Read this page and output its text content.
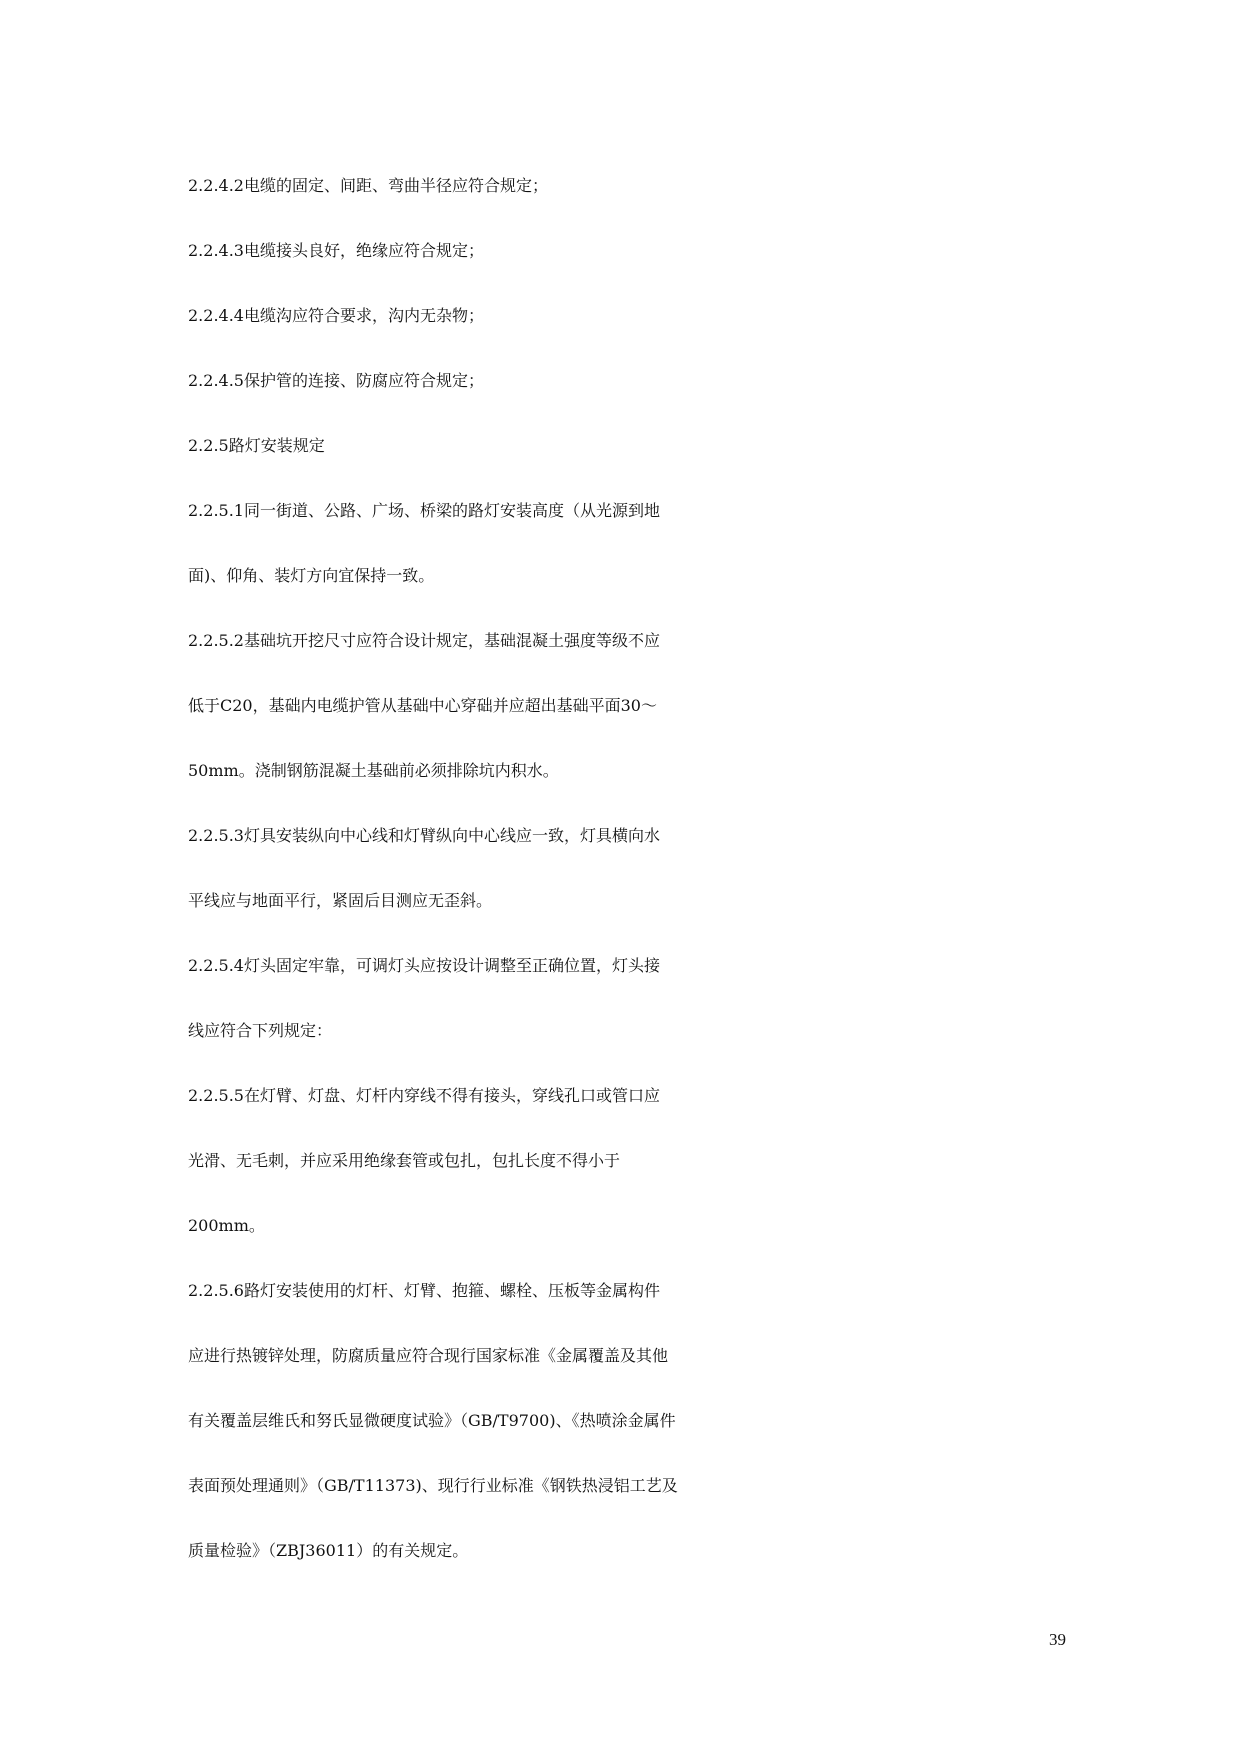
2.2.4.2电缆的固定、间距、弯曲半径应符合规定；
2.2.4.3电缆接头良好，绝缘应符合规定；
2.2.4.4电缆沟应符合要求，沟内无杂物；
2.2.4.5保护管的连接、防腐应符合规定；
2.2.5路灯安装规定
2.2.5.1同一街道、公路、广场、桥梁的路灯安装高度（从光源到地
面)、仰角、装灯方向宜保持一致。
2.2.5.2基础坑开挖尺寸应符合设计规定，基础混凝土强度等级不应
低于C20，基础内电缆护管从基础中心穿础并应超出基础平面30～
50mm。浇制钢筋混凝土基础前必须排除坑内积水。
2.2.5.3灯具安装纵向中心线和灯臂纵向中心线应一致，灯具横向水
平线应与地面平行，紧固后目测应无歪斜。
2.2.5.4灯头固定牢靠，可调灯头应按设计调整至正确位置，灯头接
线应符合下列规定：
2.2.5.5在灯臂、灯盘、灯杆内穿线不得有接头，穿线孔口或管口应
光滑、无毛刺，并应采用绝缘套管或包扎，包扎长度不得小于
200mm。
2.2.5.6路灯安装使用的灯杆、灯臂、抱箍、螺栓、压板等金属构件
应进行热镀锌处理，防腐质量应符合现行国家标准《金属覆盖及其他
有关覆盖层维氏和努氏显微硬度试验》（GB/T9700)、《热喷涂金属件
表面预处理通则》（GB/T11373)、现行行业标准《钢铁热浸铝工艺及
质量检验》（ZBJ36011）的有关规定。
39
